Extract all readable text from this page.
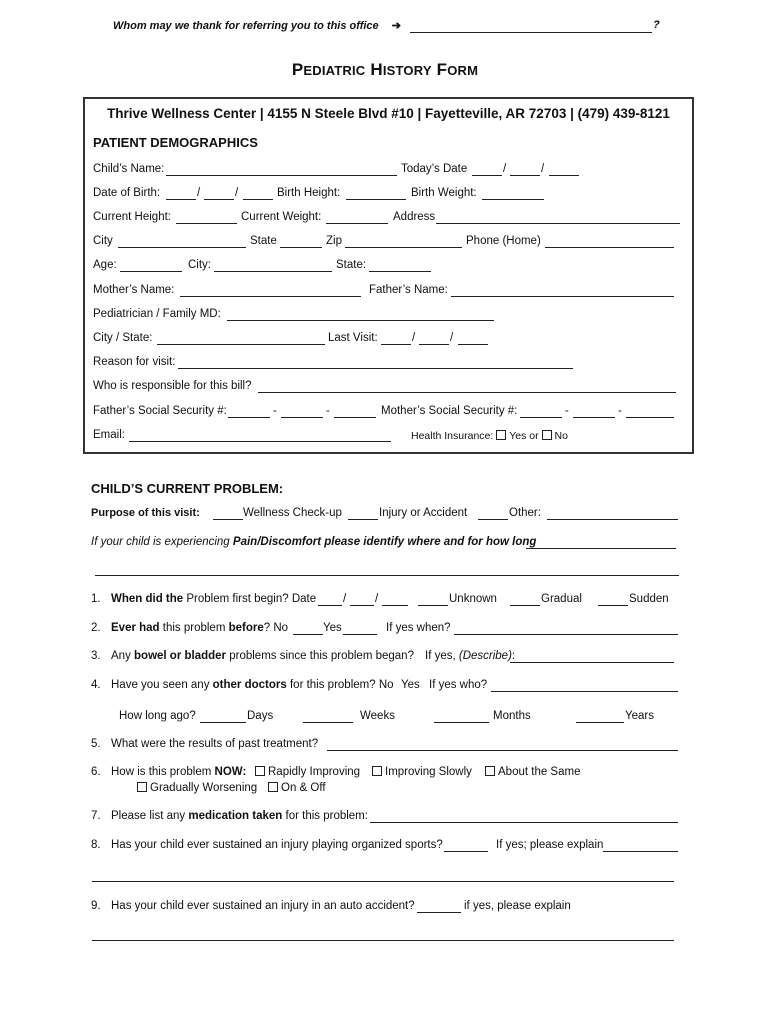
Whom may we thank for referring you to this office ➔	?
PEDIATRIC HISTORY FORM
Thrive Wellness Center | 4155 N Steele Blvd #10 | Fayetteville, AR 72703 | (479) 439-8121
PATIENT DEMOGRAPHICS
Child’s Name:	Today’s Date	/	/
Date of Birth:	/	/	Birth Height:	Birth Weight:
Current Height:	Current Weight:	Address
City	State	Zip	Phone (Home)
Age:	City:	State:
Mother’s Name:	Father’s Name:
Pediatrician / Family MD:
City / State:	Last Visit:	/	/
Reason for visit:
Who is responsible for this bill?
Father’s Social Security #:	-	-	Mother’s Social Security #:	-	-
Email:	Health Insurance: Yes or No
CHILD’S CURRENT PROBLEM:
Purpose of this visit:	Wellness Check-up	Injury or Accident	Other:
If your child is experiencing Pain/Discomfort please identify where and for how long
1. When did the Problem first begin? Date /	/	Unknown	Gradual	Sudden
2. Ever had this problem before? No	Yes	If yes when?
3. Any bowel or bladder problems since this problem began? If yes, (Describe):
4. Have you seen any other doctors for this problem? No Yes If yes who?
How long ago?	Days	Weeks	Months	Years
5. What were the results of past treatment?
6. How is this problem NOW:	Rapidly Improving	Improving Slowly	About the Same
Gradually Worsening	On & Off
7. Please list any medication taken for this problem:
8. Has your child ever sustained an injury playing organized sports?	If yes; please explain
9. Has your child ever sustained an injury in an auto accident?	if yes, please explain
